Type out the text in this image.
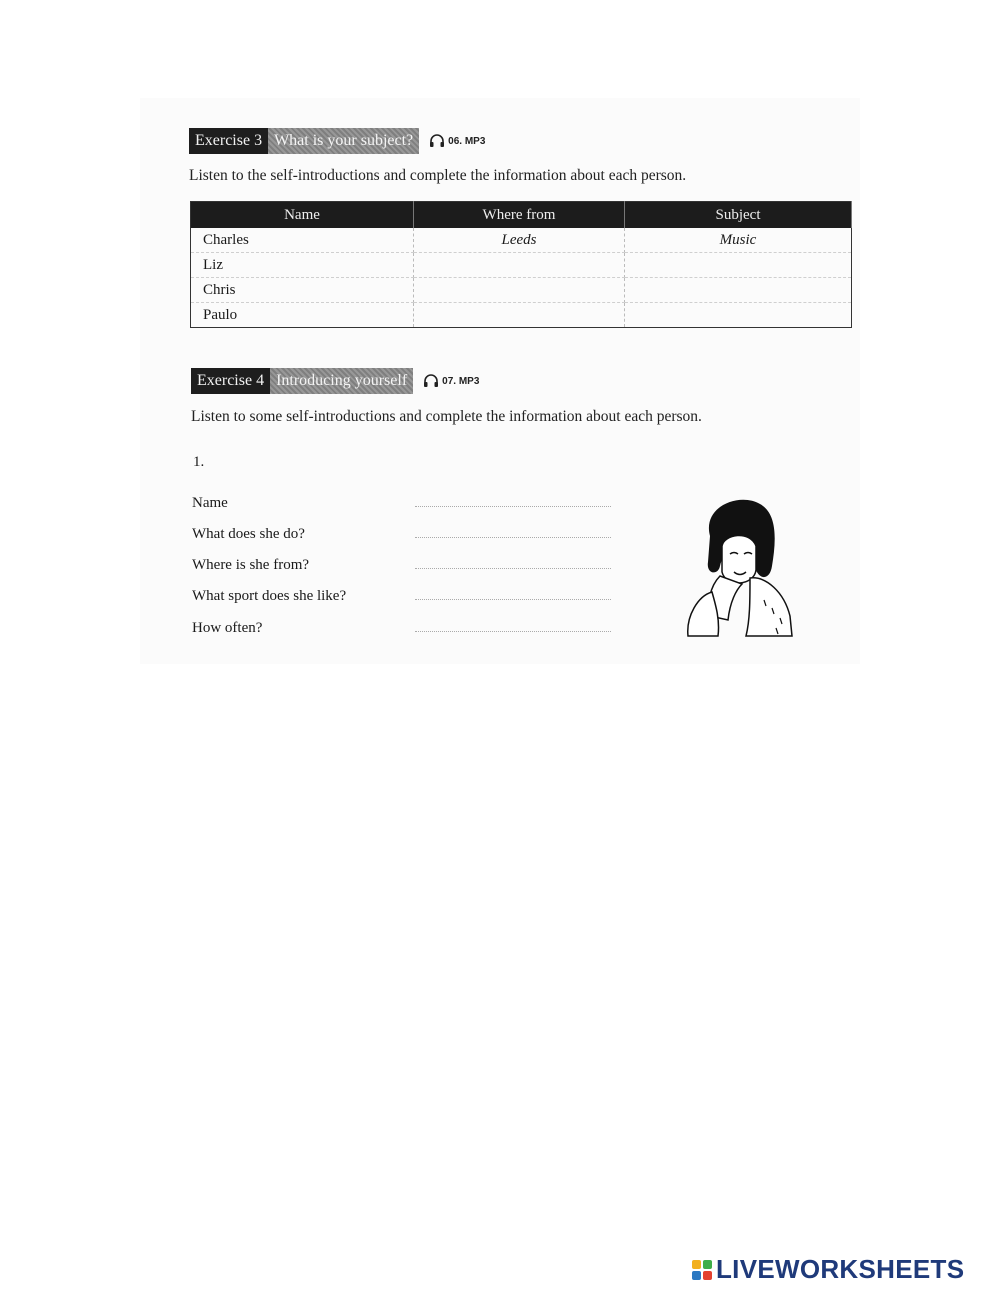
Exercise 3 What is your subject?	06. MP3
Listen to the self-introductions and complete the information about each person.
Name	Where from	Subject
Charles	Leeds	Music
Liz		
Chris		
Paulo		
Exercise 4 Introducing yourself	07. MP3
Listen to some self-introductions and complete the information about each person.
1.
Name
What does she do?
Where is she from?
What sport does she like?
How often?
LIVEWORKSHEETS
